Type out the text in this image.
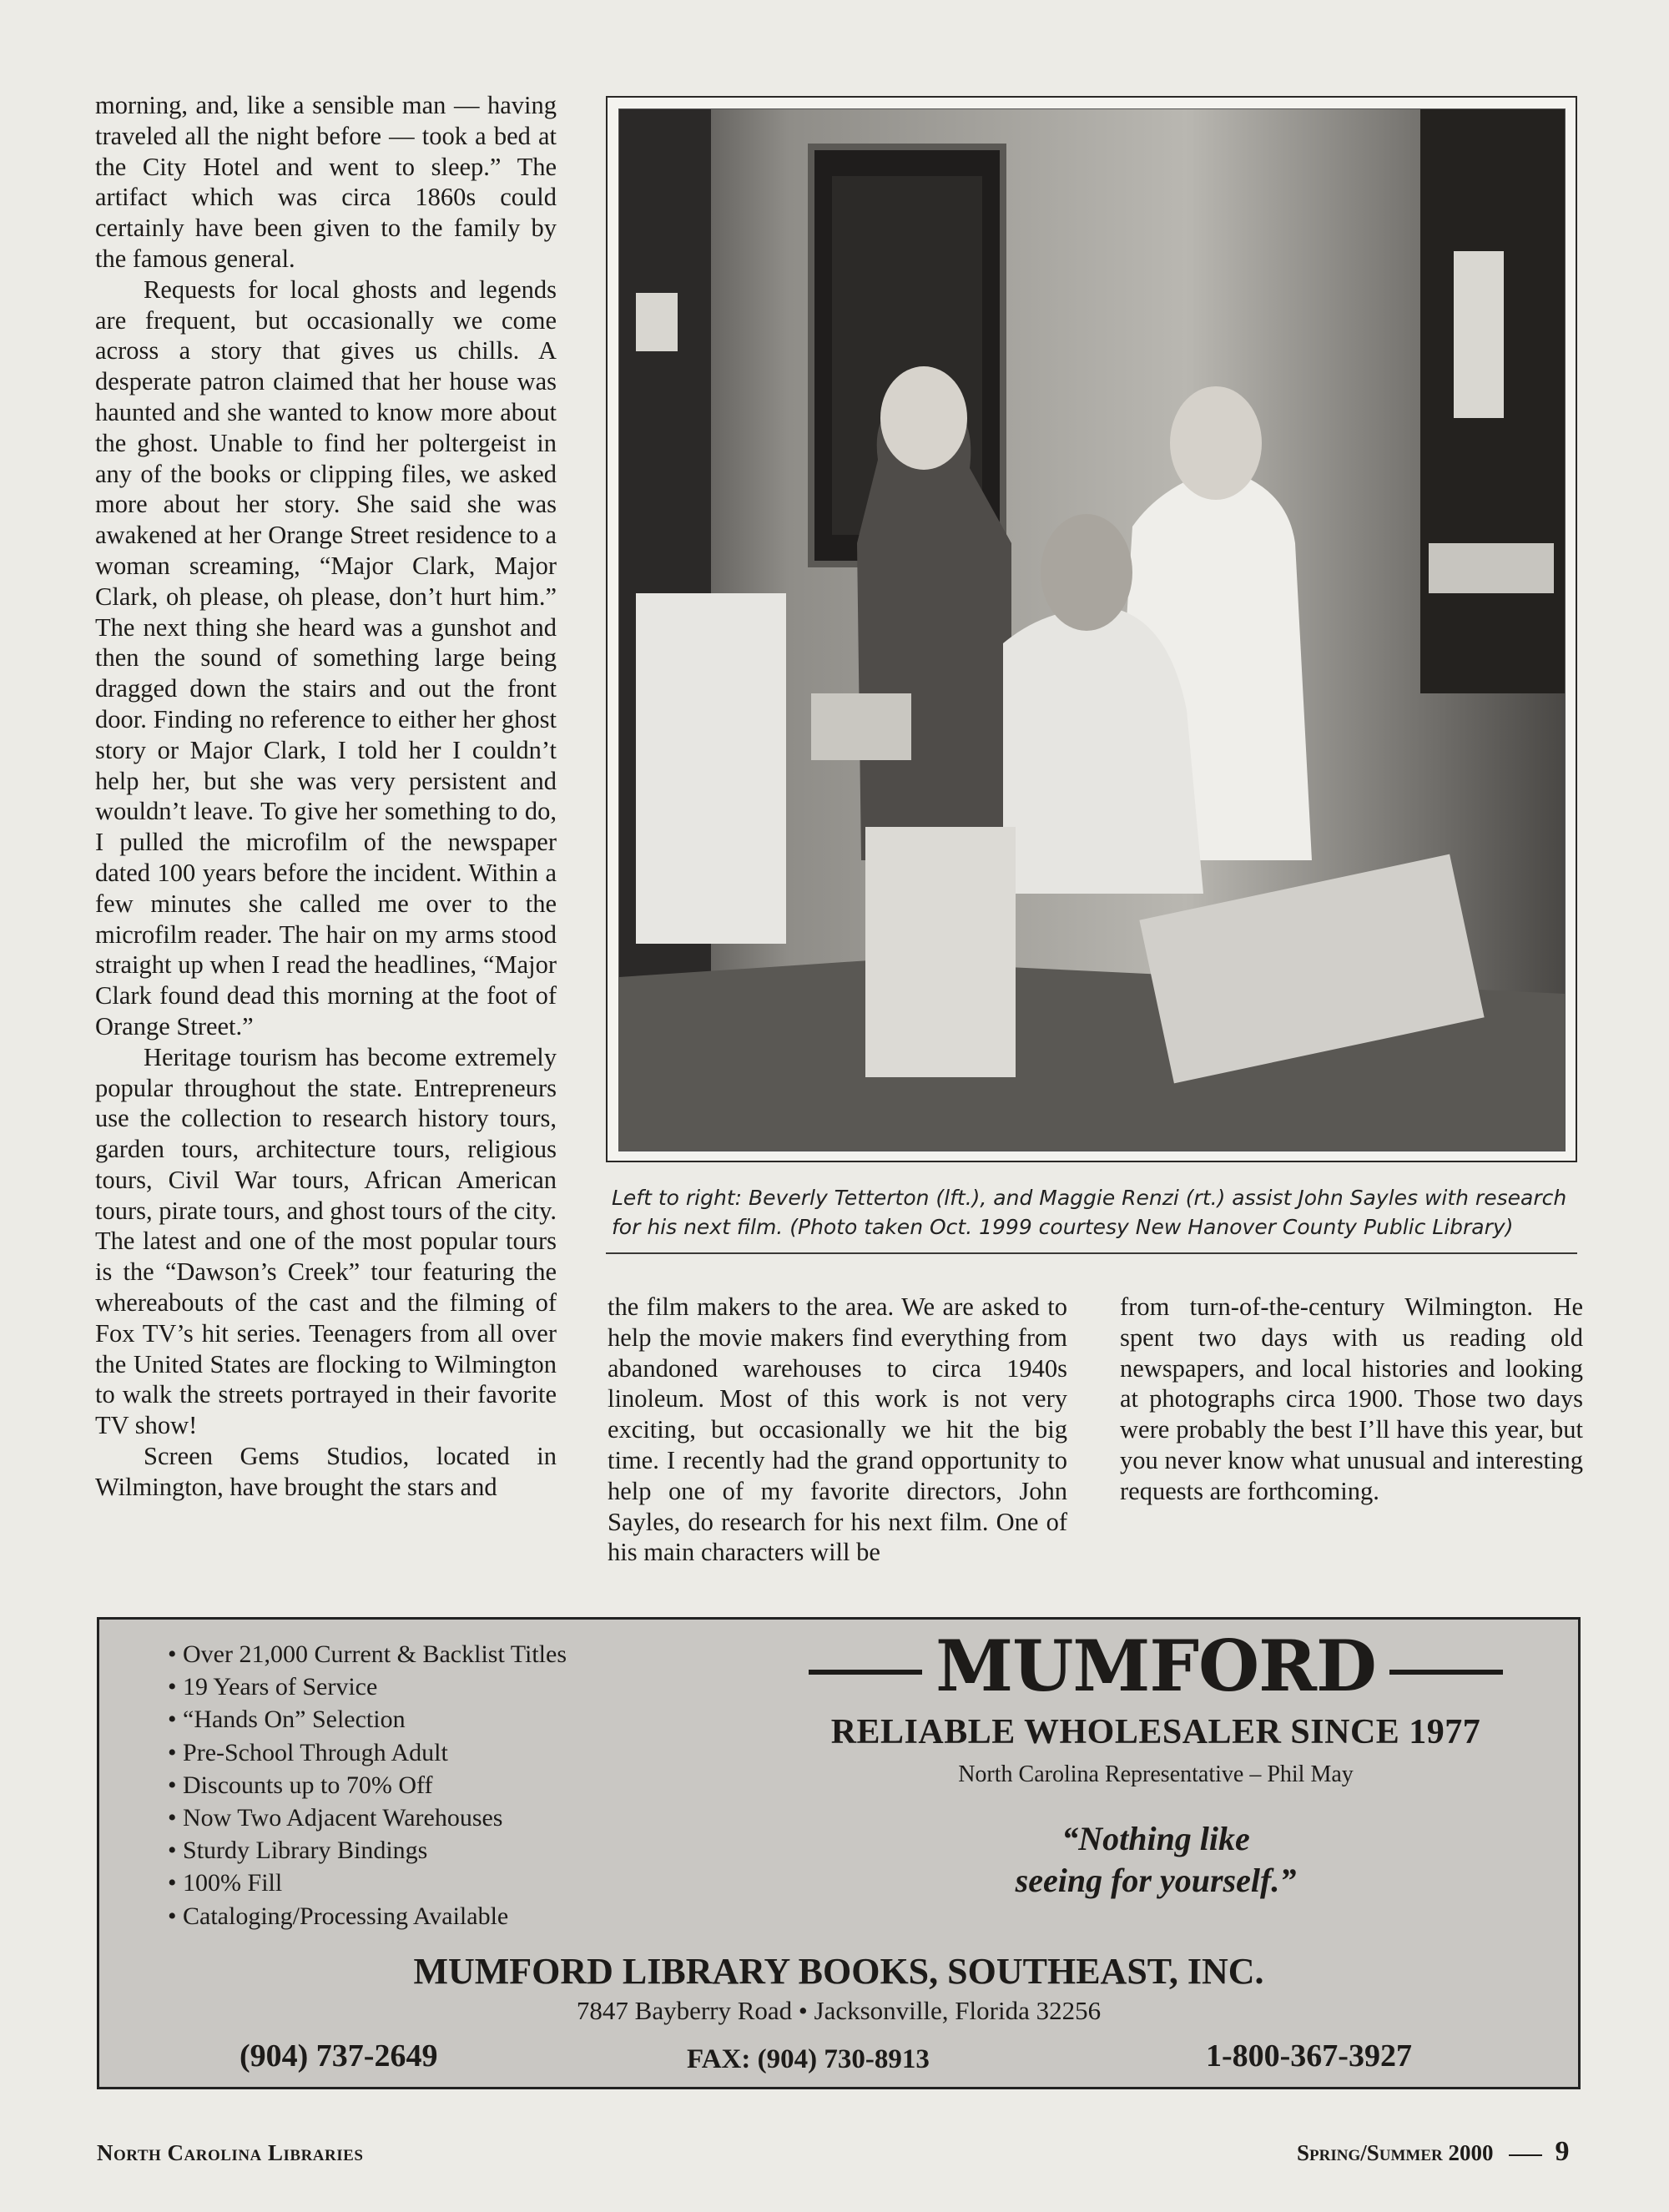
morning, and, like a sensible man — having traveled all the night before — took a bed at the City Hotel and went to sleep.” The artifact which was circa 1860s could certainly have been given to the family by the famous general.

Requests for local ghosts and legends are frequent, but occasionally we come across a story that gives us chills. A desperate patron claimed that her house was haunted and she wanted to know more about the ghost. Unable to find her poltergeist in any of the books or clipping files, we asked more about her story. She said she was awakened at her Orange Street residence to a woman screaming, “Major Clark, Major Clark, oh please, oh please, don’t hurt him.” The next thing she heard was a gunshot and then the sound of something large being dragged down the stairs and out the front door. Finding no reference to either her ghost story or Major Clark, I told her I couldn’t help her, but she was very persistent and wouldn’t leave. To give her something to do, I pulled the microfilm of the newspaper dated 100 years before the incident. Within a few minutes she called me over to the microfilm reader. The hair on my arms stood straight up when I read the headlines, “Major Clark found dead this morning at the foot of Orange Street.”

Heritage tourism has become extremely popular throughout the state. Entrepreneurs use the collection to research history tours, garden tours, architecture tours, religious tours, Civil War tours, African American tours, pirate tours, and ghost tours of the city. The latest and one of the most popular tours is the “Dawson’s Creek” tour featuring the whereabouts of the cast and the filming of Fox TV’s hit series. Teenagers from all over the United States are flocking to Wilmington to walk the streets portrayed in their favorite TV show!

Screen Gems Studios, located in Wilmington, have brought the stars and

Left to right: Beverly Tetterton (lft.), and Maggie Renzi (rt.) assist John Sayles with research for his next film. (Photo taken Oct. 1999 courtesy New Hanover County Public Library)

the film makers to the area. We are asked to help the movie makers find everything from abandoned warehouses to circa 1940s linoleum. Most of this work is not very exciting, but occasionally we hit the big time. I recently had the grand opportunity to help one of my favorite directors, John Sayles, do research for his next film. One of his main characters will be

from turn-of-the-century Wilmington. He spent two days with us reading old newspapers, and local histories and looking at photographs circa 1900. Those two days were probably the best I’ll have this year, but you never know what unusual and interesting requests are forthcoming.

• Over 21,000 Current & Backlist Titles
• 19 Years of Service
• “Hands On” Selection
• Pre-School Through Adult
• Discounts up to 70% Off
• Now Two Adjacent Warehouses
• Sturdy Library Bindings
• 100% Fill
• Cataloging/Processing Available
MUMFORD
RELIABLE WHOLESALER SINCE 1977
North Carolina Representative – Phil May
“Nothing like seeing for yourself.”
MUMFORD LIBRARY BOOKS, SOUTHEAST, INC.
7847 Bayberry Road • Jacksonville, Florida 32256
(904) 737-2649	FAX: (904) 730-8913	1-800-367-3927
North Carolina Libraries	Spring/Summer 2000 9
